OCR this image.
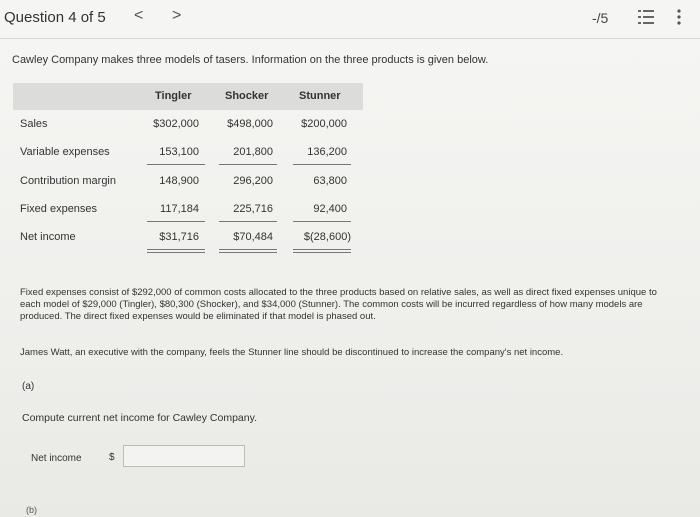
Question 4 of 5 < >	-/5
Cawley Company makes three models of tasers. Information on the three products is given below.
Tingler	Shocker	Stunner
Sales	$302,000	$498,000	$200,000
Variable expenses	153,100	201,800	136,200
Contribution margin	148,900	296,200	63,800
Fixed expenses	117,184	225,716	92,400
Net income	$31,716	$70,484	$(28,600)
Fixed expenses consist of $292,000 of common costs allocated to the three products based on relative sales, as well as direct fixed expenses unique to each model of $29,000 (Tingler), $80,300 (Shocker), and $34,000 (Stunner). The common costs will be incurred regardless of how many models are produced. The direct fixed expenses would be eliminated if that model is phased out.
James Watt, an executive with the company, feels the Stunner line should be discontinued to increase the company's net income.
(a)
Compute current net income for Cawley Company.
Net income	$
(b)
